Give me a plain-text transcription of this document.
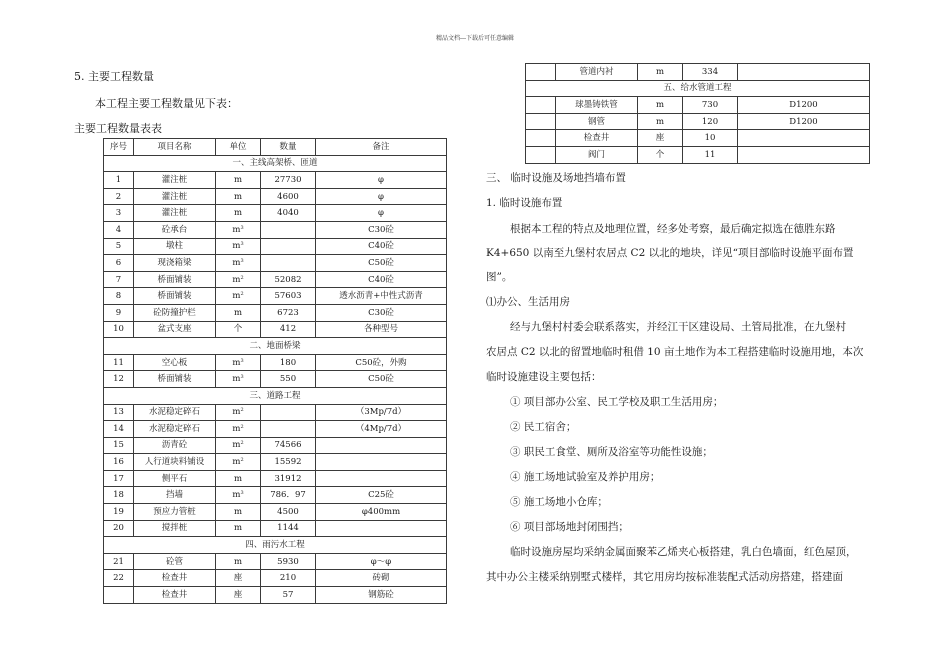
精品文档---下载后可任意编辑
5. 主要工程数量
本工程主要工程数量见下表：
主要工程数量表表
序号	项目名称	单位	数量	备注
一、主线高架桥、匝道				
1	灌注桩	m	27730	φ
2	灌注桩	m	4600	φ
3	灌注桩	m	4040	φ
4	砼承台	$m^3$		C30砼
5	墩柱	$m^3$		C40砼
6	现浇箱梁	$m^3$		C50砼
7	桥面铺装	$m^2$	52082	C40砼
8	桥面铺装	$m^2$	57603	透水沥青+中性式沥青
9	砼防撞护栏	m	6723	C30砼
10	盆式支座	个	412	各种型号
二、地面桥梁				
11	空心板	$m^3$	180	C50砼，外购
12	桥面铺装	$m^3$	550	C50砼
三、道路工程				
13	水泥稳定碎石	$m^2$		（3Mp/7d）
14	水泥稳定碎石	$m^2$		（4Mp/7d）
15	沥青砼	$m^2$	74566	
16	人行道块料铺设	$m^2$	15592	
17	侧平石	m	31912	
18	挡墙	$m^3$	786．97	C25砼
19	预应力管桩	m	4500	φ400mm
20	搅拌桩	m	1144	
四、雨污水工程				
21	砼管	m	5930	φ～φ
22	检查井	座	210	砖砌
	检查井	座	57	钢筋砼
	管道内衬	m	334	
五、给水管道工程				
	球墨铸铁管	m	730	D1200
	钢管	m	120	D1200
	检查井	座	10	
	阀门	个	11	
三、 临时设施及场地挡墙布置
1. 临时设施布置
根据本工程的特点及地理位置，经多处考察，最后确定拟选在德胜东路
K4+650 以南至九堡村农居点 C2 以北的地块，详见“项目部临时设施平面布置
图”。
⑴办公、生活用房
经与九堡村村委会联系落实，并经江干区建设局、土管局批准，在九堡村
农居点 C2 以北的留置地临时租借 10 亩土地作为本工程搭建临时设施用地，本次
临时设施建设主要包括：
① 项目部办公室、民工学校及职工生活用房；
② 民工宿舍；
③ 职民工食堂、厕所及浴室等功能性设施；
④ 施工场地试验室及养护用房；
⑤ 施工场地小仓库；
⑥ 项目部场地封闭围挡；
临时设施房屋均采纳金属面聚苯乙烯夹心板搭建，乳白色墙面，红色屋顶，
其中办公主楼采纳别墅式楼样，其它用房均按标准装配式活动房搭建，搭建面
